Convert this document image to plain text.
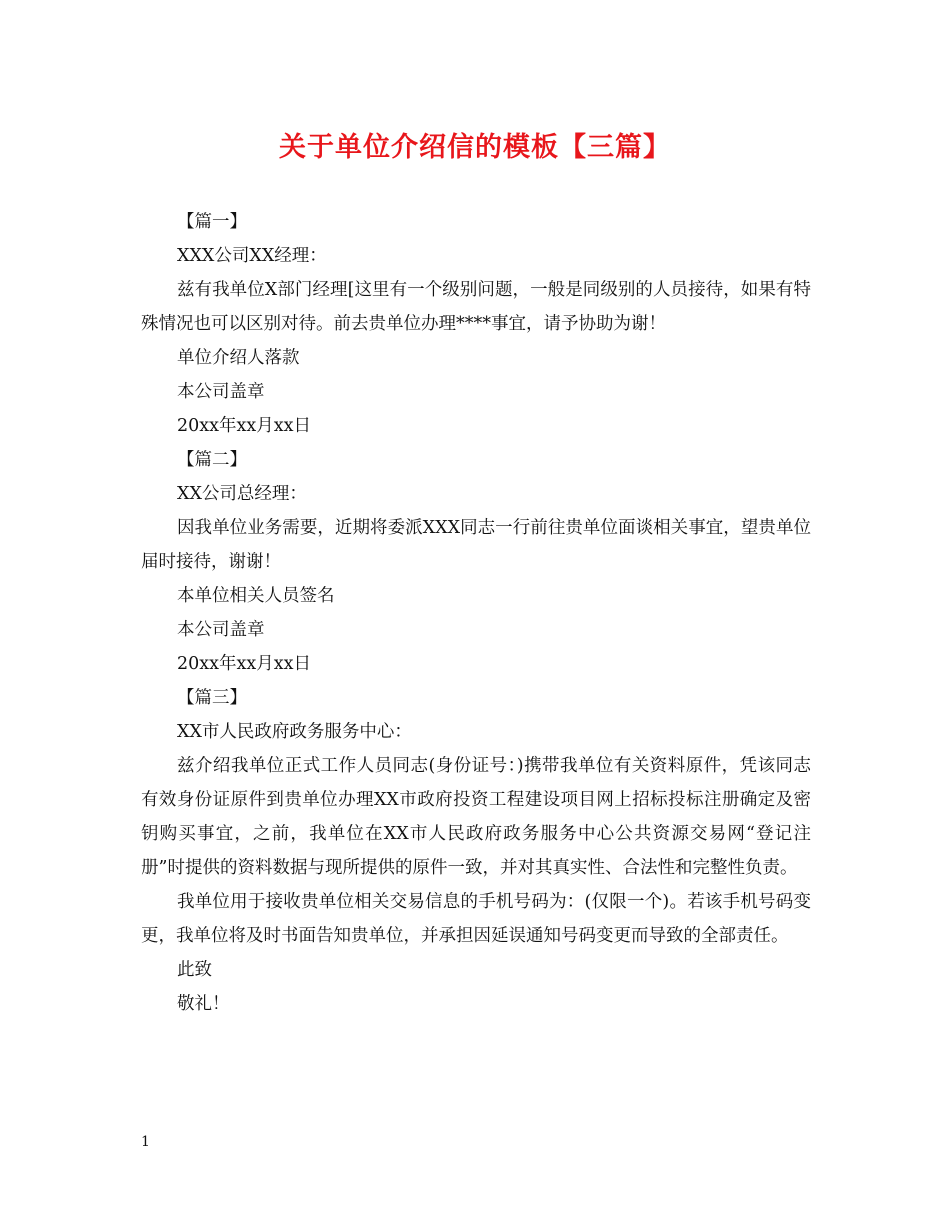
关于单位介绍信的模板【三篇】
【篇一】
XXX公司XX经理：
兹有我单位X部门经理[这里有一个级别问题，一般是同级别的人员接待，如果有特殊情况也可以区别对待。前去贵单位办理****事宜，请予协助为谢！
单位介绍人落款
本公司盖章
20xx年xx月xx日
【篇二】
XX公司总经理：
因我单位业务需要，近期将委派XXX同志一行前往贵单位面谈相关事宜，望贵单位届时接待，谢谢！
本单位相关人员签名
本公司盖章
20xx年xx月xx日
【篇三】
XX市人民政府政务服务中心：
兹介绍我单位正式工作人员同志(身份证号：)携带我单位有关资料原件，凭该同志有效身份证原件到贵单位办理XX市政府投资工程建设项目网上招标投标注册确定及密钥购买事宜，之前，我单位在XX市人民政府政务服务中心公共资源交易网“登记注册”时提供的资料数据与现所提供的原件一致，并对其真实性、合法性和完整性负责。
我单位用于接收贵单位相关交易信息的手机号码为：(仅限一个)。若该手机号码变更，我单位将及时书面告知贵单位，并承担因延误通知号码变更而导致的全部责任。
此致
敬礼！
1
